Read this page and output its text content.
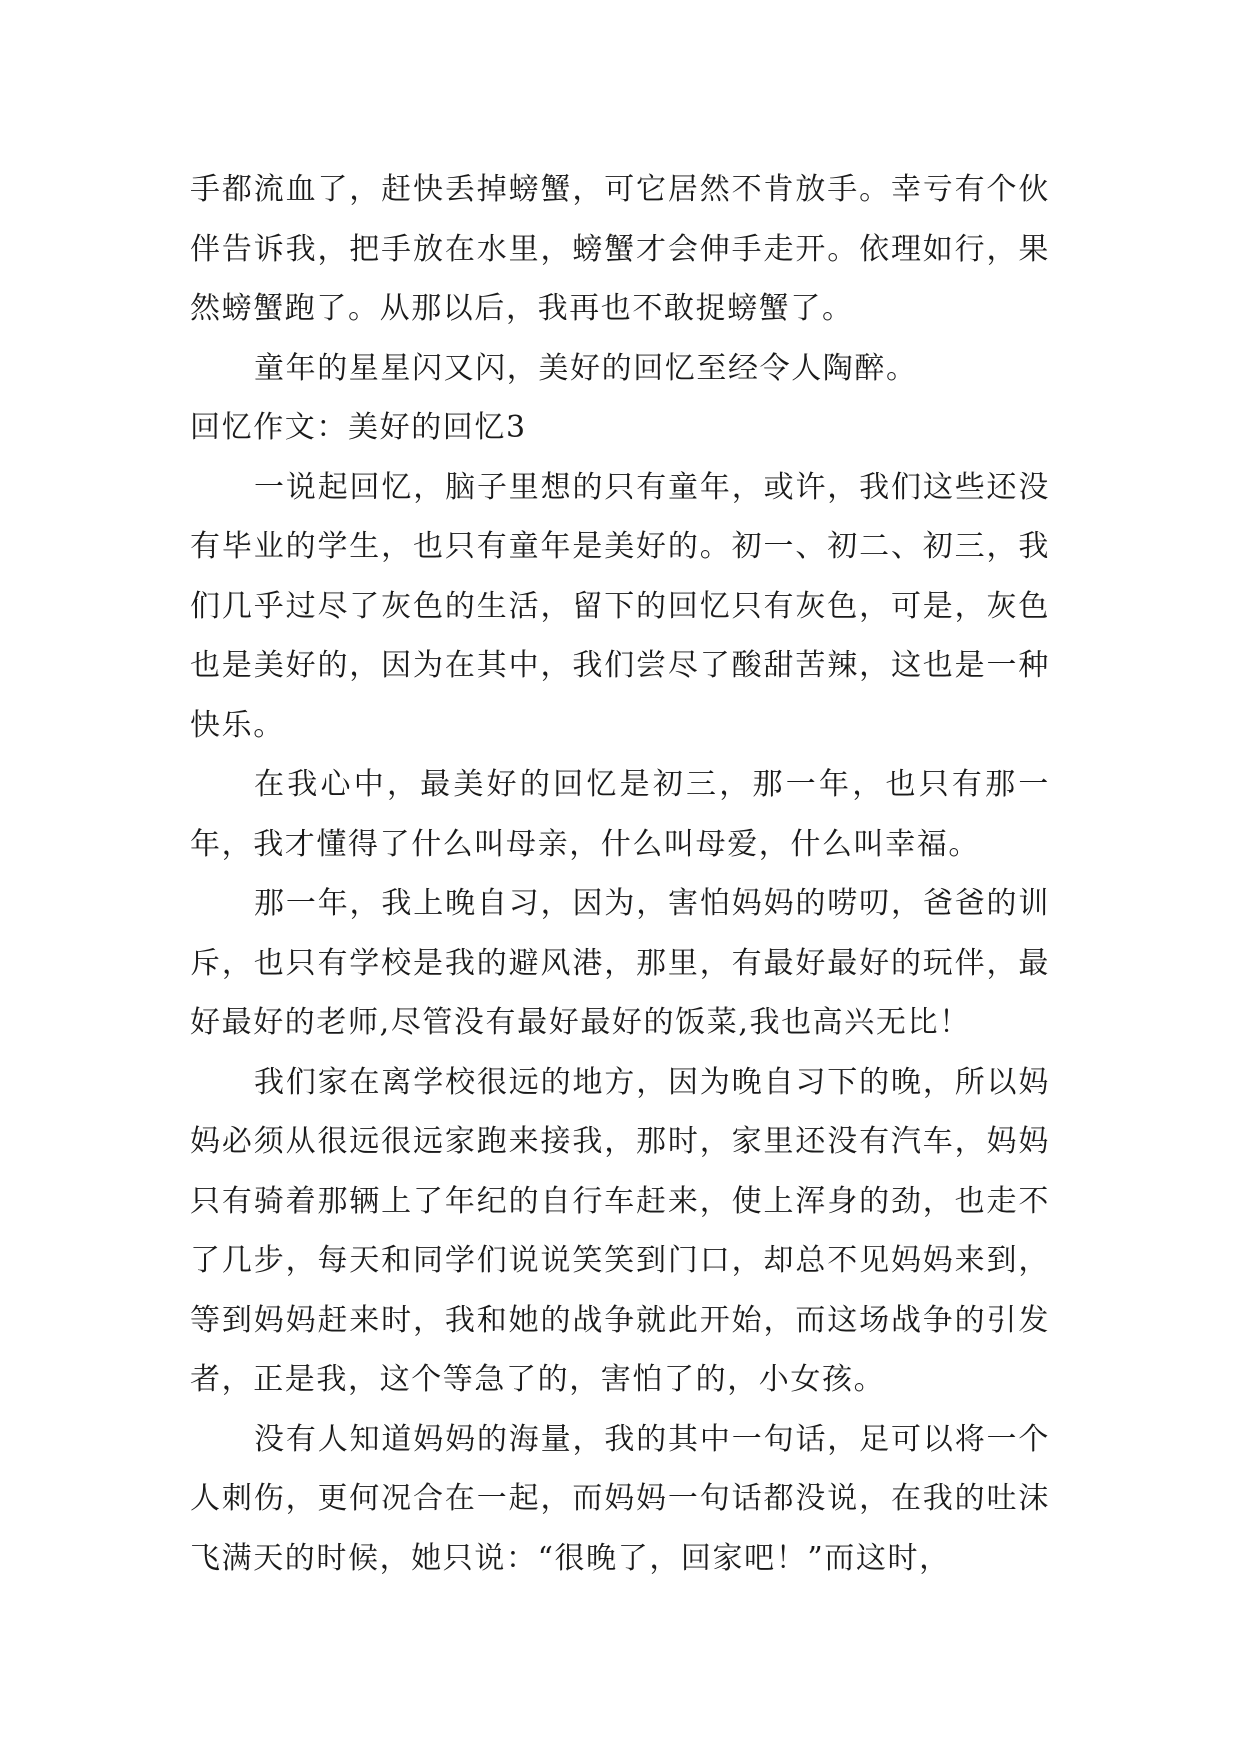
手都流血了，赶快丢掉螃蟹，可它居然不肯放手。幸亏有个伙伴告诉我，把手放在水里，螃蟹才会伸手走开。依理如行，果然螃蟹跑了。从那以后，我再也不敢捉螃蟹了。

童年的星星闪又闪，美好的回忆至经令人陶醉。

回忆作文：美好的回忆3

一说起回忆，脑子里想的只有童年，或许，我们这些还没有毕业的学生，也只有童年是美好的。初一、初二、初三，我们几乎过尽了灰色的生活，留下的回忆只有灰色，可是，灰色也是美好的，因为在其中，我们尝尽了酸甜苦辣，这也是一种快乐。

在我心中，最美好的回忆是初三，那一年，也只有那一年，我才懂得了什么叫母亲，什么叫母爱，什么叫幸福。

那一年，我上晚自习，因为，害怕妈妈的唠叨，爸爸的训斥，也只有学校是我的避风港，那里，有最好最好的玩伴，最好最好的老师,尽管没有最好最好的饭菜,我也高兴无比！

我们家在离学校很远的地方，因为晚自习下的晚，所以妈妈必须从很远很远家跑来接我，那时，家里还没有汽车，妈妈只有骑着那辆上了年纪的自行车赶来，使上浑身的劲，也走不了几步，每天和同学们说说笑笑到门口，却总不见妈妈来到，等到妈妈赶来时，我和她的战争就此开始，而这场战争的引发者，正是我，这个等急了的，害怕了的，小女孩。

没有人知道妈妈的海量，我的其中一句话，足可以将一个人刺伤，更何况合在一起，而妈妈一句话都没说，在我的吐沫飞满天的时候，她只说：“很晚了，回家吧！”而这时，
